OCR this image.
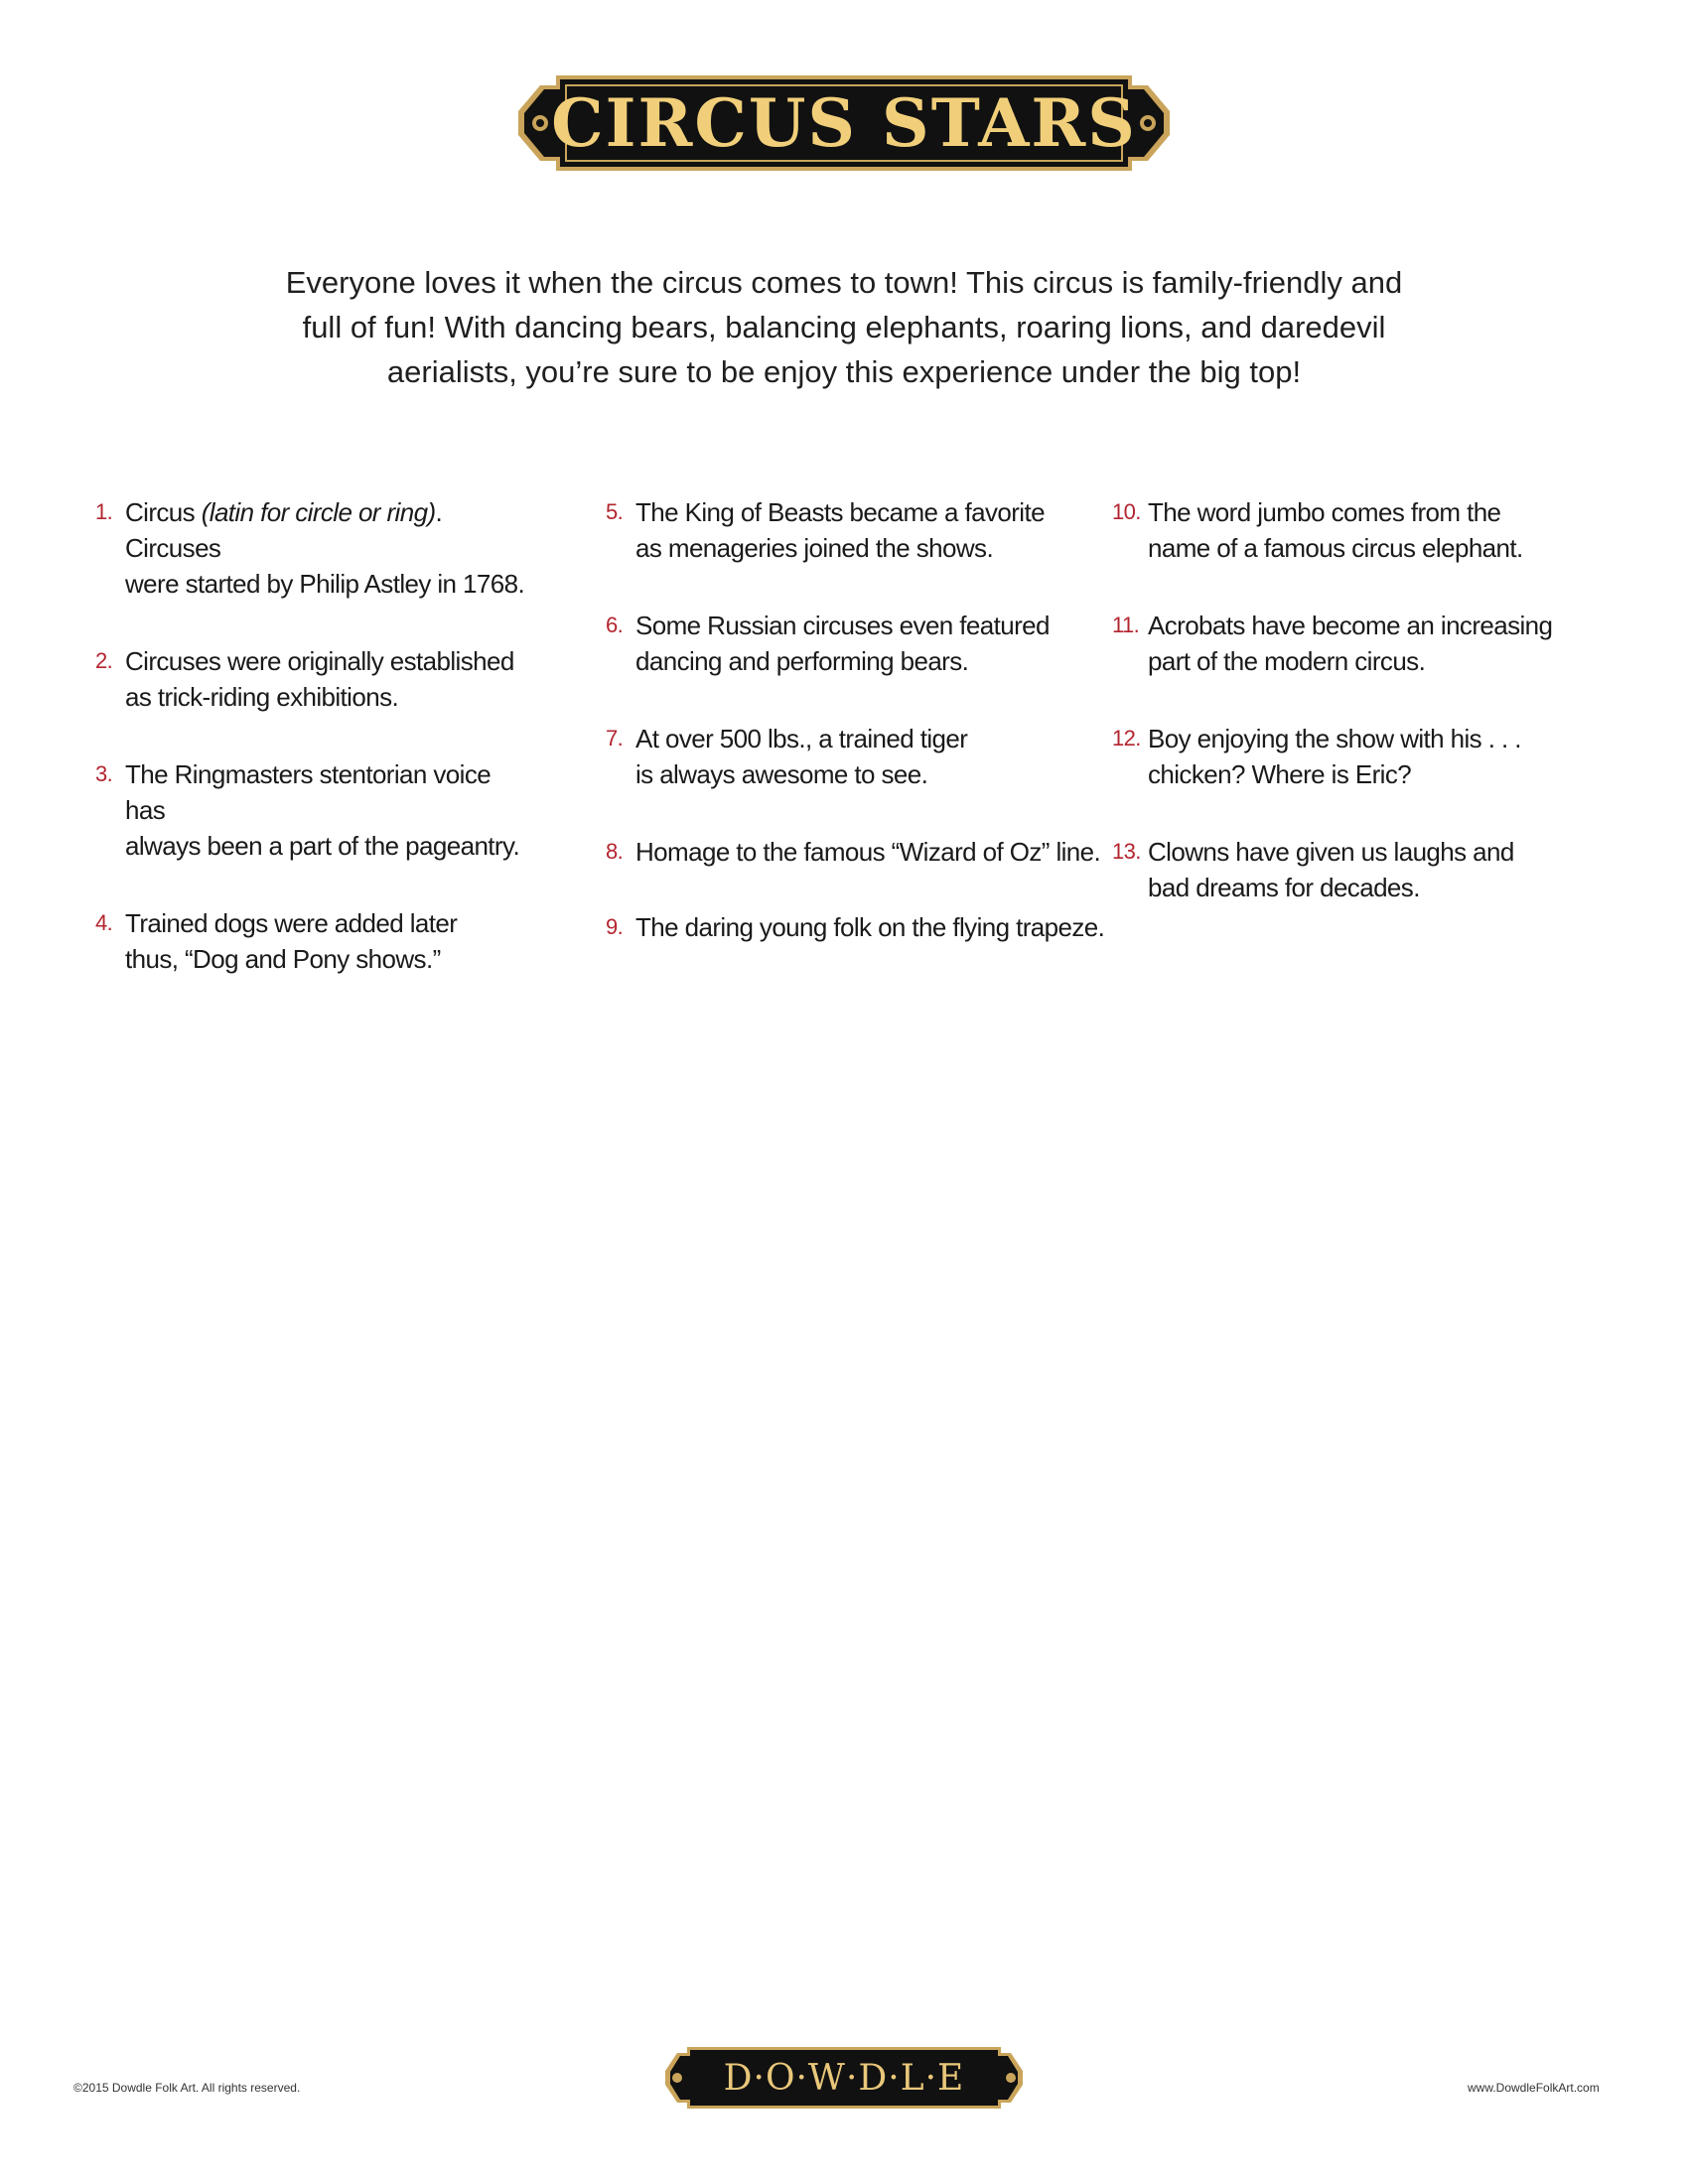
CIRCUS STARS
Everyone loves it when the circus comes to town! This circus is family-friendly and
full of fun! With dancing bears, balancing elephants, roaring lions, and daredevil
aerialists, you’re sure to be enjoy this experience under the big top!
1. Circus (latin for circle or ring). Circuses
were started by Philip Astley in 1768.
2. Circuses were originally established
as trick-riding exhibitions.
3. The Ringmasters stentorian voice has
always been a part of the pageantry.
4. Trained dogs were added later
thus, “Dog and Pony shows.”
5. The King of Beasts became a favorite
as menageries joined the shows.
6. Some Russian circuses even featured
dancing and performing bears.
7. At over 500 lbs., a trained tiger
is always awesome to see.
8. Homage to the famous “Wizard of Oz” line.
9. The daring young folk on the flying trapeze.
10. The word jumbo comes from the
name of a famous circus elephant.
11. Acrobats have become an increasing
part of the modern circus.
12. Boy enjoying the show with his . . .
chicken? Where is Eric?
13. Clowns have given us laughs and
bad dreams for decades.
©2015 Dowdle Folk Art. All rights reserved.	D·O·W·D·L·E	www.DowdleFolkArt.com
